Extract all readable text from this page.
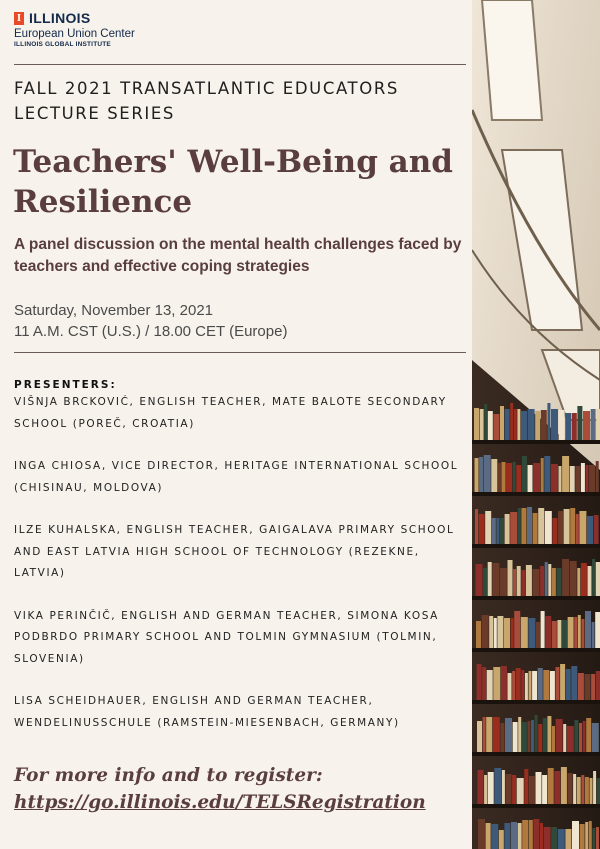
I ILLINOIS
European Union Center
ILLINOIS GLOBAL INSTITUTE
FALL 2021 TRANSATLANTIC EDUCATORS LECTURE SERIES
Teachers' Well-Being and Resilience
A panel discussion on the mental health challenges faced by teachers and effective coping strategies
Saturday, November 13, 2021
11 A.M. CST (U.S.) / 18.00 CET (Europe)
PRESENTERS:
VIŠNJA BRCKOVIĆ, ENGLISH TEACHER, MATE BALOTE SECONDARY SCHOOL (POREČ, CROATIA)
INGA CHIOSA, VICE DIRECTOR, HERITAGE INTERNATIONAL SCHOOL (CHISINAU, MOLDOVA)
ILZE KUHALSKA, ENGLISH TEACHER, GAIGALAVA PRIMARY SCHOOL AND EAST LATVIA HIGH SCHOOL OF TECHNOLOGY (REZEKNE, LATVIA)
VIKA PERINČIČ, ENGLISH AND GERMAN TEACHER, SIMONA KOSA PODBRDO PRIMARY SCHOOL AND TOLMIN GYMNASIUM (TOLMIN, SLOVENIA)
LISA SCHEIDHAUER, ENGLISH AND GERMAN TEACHER, WENDELINUSSCHULE (RAMSTEIN-MIESENBACH, GERMANY)
For more info and to register:
https://go.illinois.edu/TELSRegistration
